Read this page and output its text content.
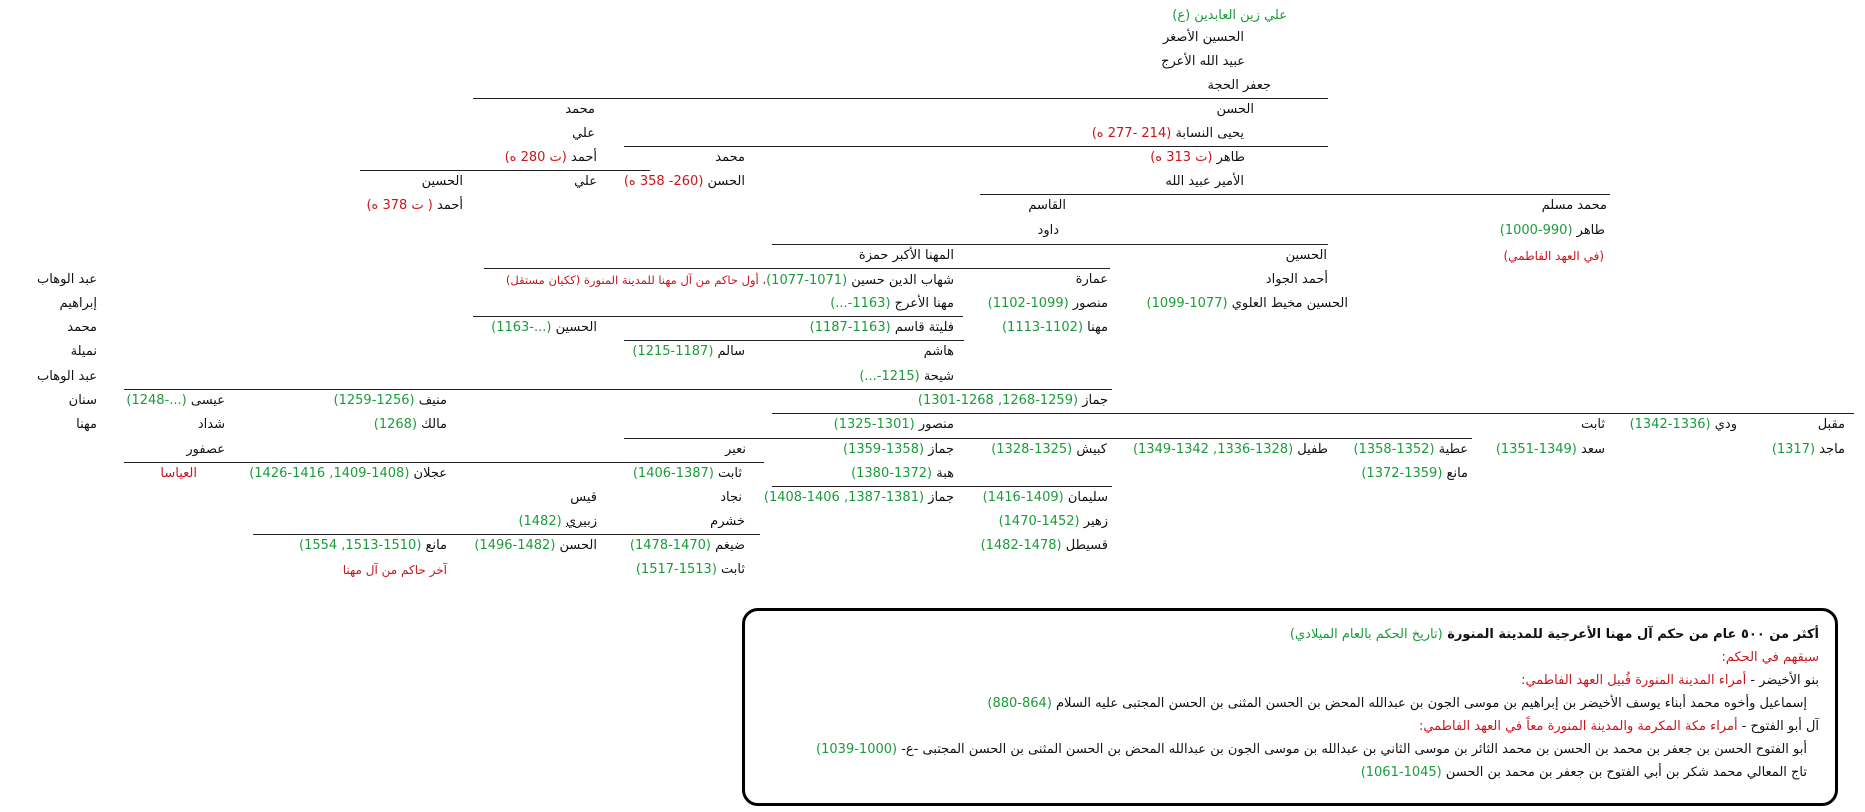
علي زين العابدين (ع)
الحسين الأصغر
عبيد الله الأعرج
جعفر الحجة
الحسن
محمد
يحيى النسابة (214 -277 ه)
علي
طاهر (ت 313 ه)
محمد
أحمد (ت 280 ه)
الأمير عبيد الله
الحسن (260- 358 ه)
علي
الحسين
محمد مسلم
القاسم
أحمد ( ت 378 ه)
طاهر (990-1000)
داود
(في العهد الفاطمي)
الحسين
المهنا الأكبر حمزة
أحمد الجواد
عمارة
شهاب الدين حسين (1071-1077)، أول حاكم من آل مهنا للمدينة المنورة (ككيان مستقل)
الحسين مخيط العلوي (1077-1099)
منصور (1099-1102)
مهنا الأعرج (1163-...)
مهنا (1102-1113)
فليتة قاسم (1163-1187)
الحسين (...-1163)
هاشم
سالم (1187-1215)
شيحة (1215-...)
جماز (1259-1268, 1268-1301)
منيف (1256-1259)
عيسى (...-1248)
ثابت
منصور (1301-1325)
مالك (1268)
شداد	ودي (1336-1342)	مقبل
ماجد (1317)
سعد (1349-1351)
عطية (1352-1358)
طفيل (1328-1336, 1342-1349)
كبيش (1325-1328)
جماز (1358-1359)
نعير
عصفور
مانع (1359-1372)
هبة (1372-1380)
ثابت (1387-1406)
عجلان (1408-1409, 1416-1426)
العياسا
سليمان (1409-1416)
جماز (1381-1387, 1406-1408)
نجاد
قيس
زهير (1452-1470)
خشرم
زبيري (1482)
قسيطل (1478-1482)
ضيغم (1470-1478)
الحسن (1482-1496)
مانع (1510-1513, 1554)
ثابت (1513-1517)
آخر حاكم من آل مهنا
عبد الوهاب
إبراهيم
محمد
نميلة
عبد الوهاب
سنان
مهنا
أكثر من ٥٠٠ عام من حكم آل مهنا الأعرجية للمدينة المنورة (تاريخ الحكم بالعام الميلادي)
سبقهم في الحكم:
بنو الأخيضر - أمراء المدينة المنورة قُبيل العهد الفاطمي:
إسماعيل وأخوه محمد أبناء يوسف الأخيضر بن إبراهيم بن موسى الجون بن عبدالله المحض بن الحسن المثنى بن الحسن المجتبى عليه السلام (864-880)
آل أبو الفتوح - أمراء مكة المكرمة والمدينة المنورة معاً في العهد الفاطمي:
أبو الفتوح الحسن بن جعفر بن محمد بن الحسن بن محمد الثائر بن موسى الثاني بن عبدالله بن موسى الجون بن عبدالله المحض بن الحسن المثنى بن الحسن المجتبى -ع- (1000-1039)
تاج المعالي محمد شكر بن أبي الفتوح بن جعفر بن محمد بن الحسن (1045-1061)
